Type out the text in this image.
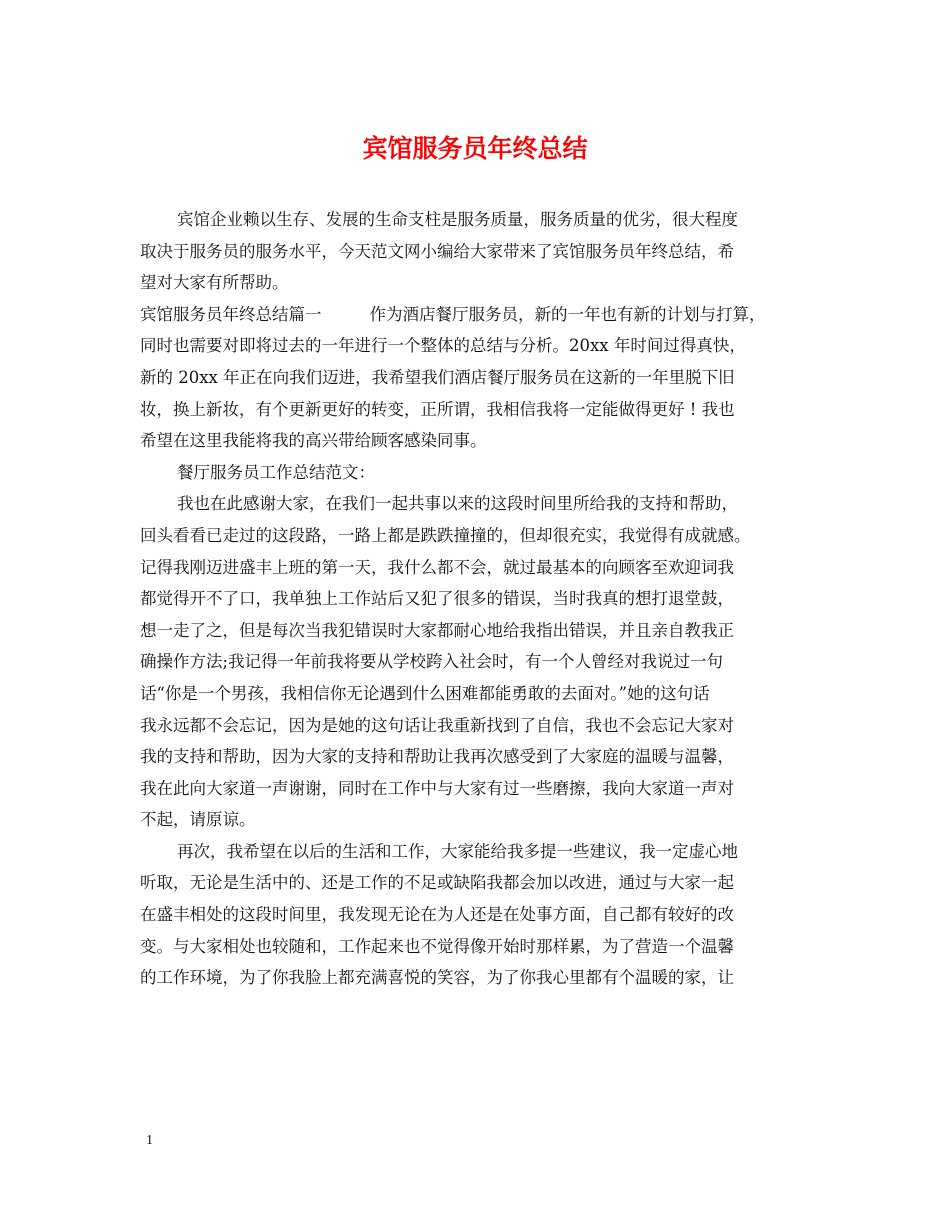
宾馆服务员年终总结
宾馆企业赖以生存、发展的生命支柱是服务质量，服务质量的优劣，很大程度
取决于服务员的服务水平，今天范文网小编给大家带来了宾馆服务员年终总结，希
望对大家有所帮助。
宾馆服务员年终总结篇一	作为酒店餐厅服务员，新的一年也有新的计划与打算，
同时也需要对即将过去的一年进行一个整体的总结与分析。20xx 年时间过得真快，
新的 20xx 年正在向我们迈进，我希望我们酒店餐厅服务员在这新的一年里脱下旧
妆，换上新妆，有个更新更好的转变，正所谓，我相信我将一定能做得更好 ! 我也
希望在这里我能将我的高兴带给顾客感染同事。
餐厅服务员工作总结范文：
我也在此感谢大家，在我们一起共事以来的这段时间里所给我的支持和帮助，
回头看看已走过的这段路，一路上都是跌跌撞撞的，但却很充实，我觉得有成就感。
记得我刚迈进盛丰上班的第一天，我什么都不会，就过最基本的向顾客至欢迎词我
都觉得开不了口，我单独上工作站后又犯了很多的错误，当时我真的想打退堂鼓，
想一走了之，但是每次当我犯错误时大家都耐心地给我指出错误，并且亲自教我正
确操作方法;我记得一年前我将要从学校跨入社会时，有一个人曾经对我说过一句
话“你是一个男孩，我相信你无论遇到什么困难都能勇敢的去面对。”她的这句话
我永远都不会忘记，因为是她的这句话让我重新找到了自信，我也不会忘记大家对
我的支持和帮助，因为大家的支持和帮助让我再次感受到了大家庭的温暖与温馨，
我在此向大家道一声谢谢，同时在工作中与大家有过一些磨擦，我向大家道一声对
不起，请原谅。
再次，我希望在以后的生活和工作，大家能给我多提一些建议，我一定虚心地
听取，无论是生活中的、还是工作的不足或缺陷我都会加以改进，通过与大家一起
在盛丰相处的这段时间里，我发现无论在为人还是在处事方面，自己都有较好的改
变。与大家相处也较随和，工作起来也不觉得像开始时那样累，为了营造一个温馨
的工作环境，为了你我脸上都充满喜悦的笑容，为了你我心里都有个温暖的家，让
1
